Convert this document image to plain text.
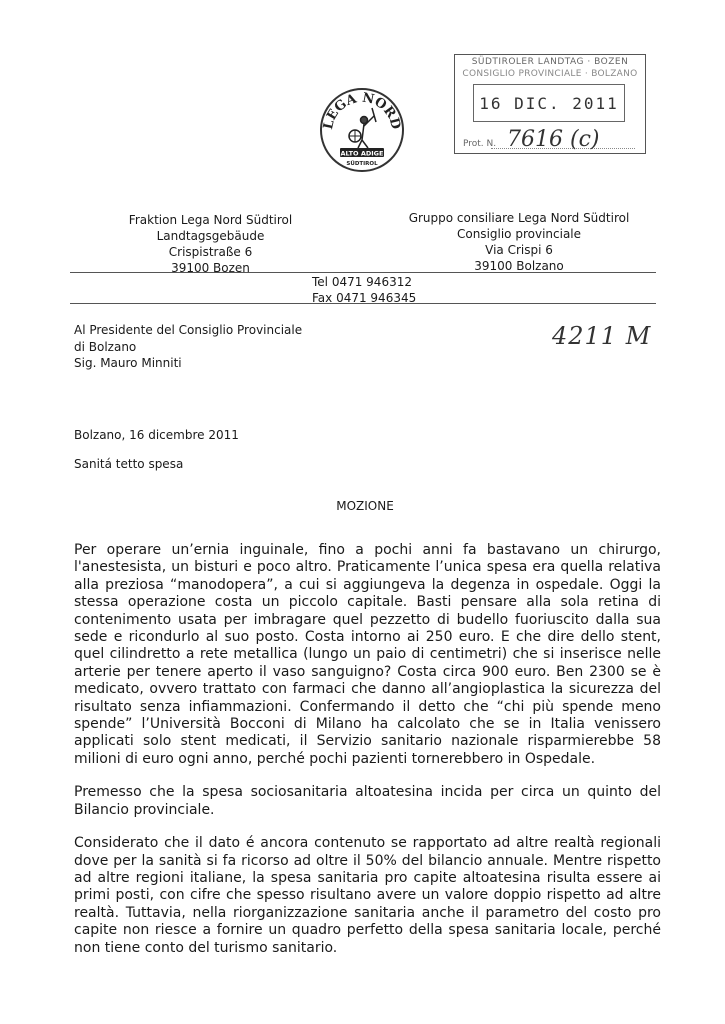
SÜDTIROLER LANDTAG · BOZEN
CONSIGLIO PROVINCIALE · BOLZANO
16 DIC. 2011
Prot. N. 7616 (c)
LEGA NORD
ALTO ADIGE
SÜDTIROL
Fraktion Lega Nord Südtirol
Landtagsgebäude
Crispistraße 6
39100 Bozen
Gruppo consiliare Lega Nord Südtirol
Consiglio provinciale
Via Crispi 6
39100 Bolzano
Tel 0471 946312
Fax 0471 946345
Al Presidente del Consiglio Provinciale
di Bolzano
Sig. Mauro Minniti
4211 M
Bolzano, 16 dicembre 2011
Sanitá tetto spesa
MOZIONE

Per operare un’ernia inguinale, fino a pochi anni fa bastavano un chirurgo, l'anestesista, un bisturi e poco altro. Praticamente l’unica spesa era quella relativa alla preziosa “manodopera”, a cui si aggiungeva la degenza in ospedale. Oggi la stessa operazione costa un piccolo capitale. Basti pensare alla sola retina di contenimento usata per imbragare quel pezzetto di budello fuoriuscito dalla sua sede e ricondurlo al suo posto. Costa intorno ai 250 euro. E che dire dello stent, quel cilindretto a rete metallica (lungo un paio di centimetri) che si inserisce nelle arterie per tenere aperto il vaso sanguigno? Costa circa 900 euro. Ben 2300 se è medicato, ovvero trattato con farmaci che danno all’angioplastica la sicurezza del risultato senza infiammazioni. Confermando il detto che “chi più spende meno spende” l’Università Bocconi di Milano ha calcolato che se in Italia venissero applicati solo stent medicati, il Servizio sanitario nazionale risparmierebbe 58 milioni di euro ogni anno, perché pochi pazienti tornerebbero in Ospedale.

Premesso che la spesa sociosanitaria altoatesina incida per circa un quinto del Bilancio provinciale.

Considerato che il dato é ancora contenuto se rapportato ad altre realtà regionali dove per la sanità si fa ricorso ad oltre il 50% del bilancio annuale. Mentre rispetto ad altre regioni italiane, la spesa sanitaria pro capite altoatesina risulta essere ai primi posti, con cifre che spesso risultano avere un valore doppio rispetto ad altre realtà. Tuttavia, nella riorganizzazione sanitaria anche il parametro del costo pro capite non riesce a fornire un quadro perfetto della spesa sanitaria locale, perché non tiene conto del turismo sanitario.
